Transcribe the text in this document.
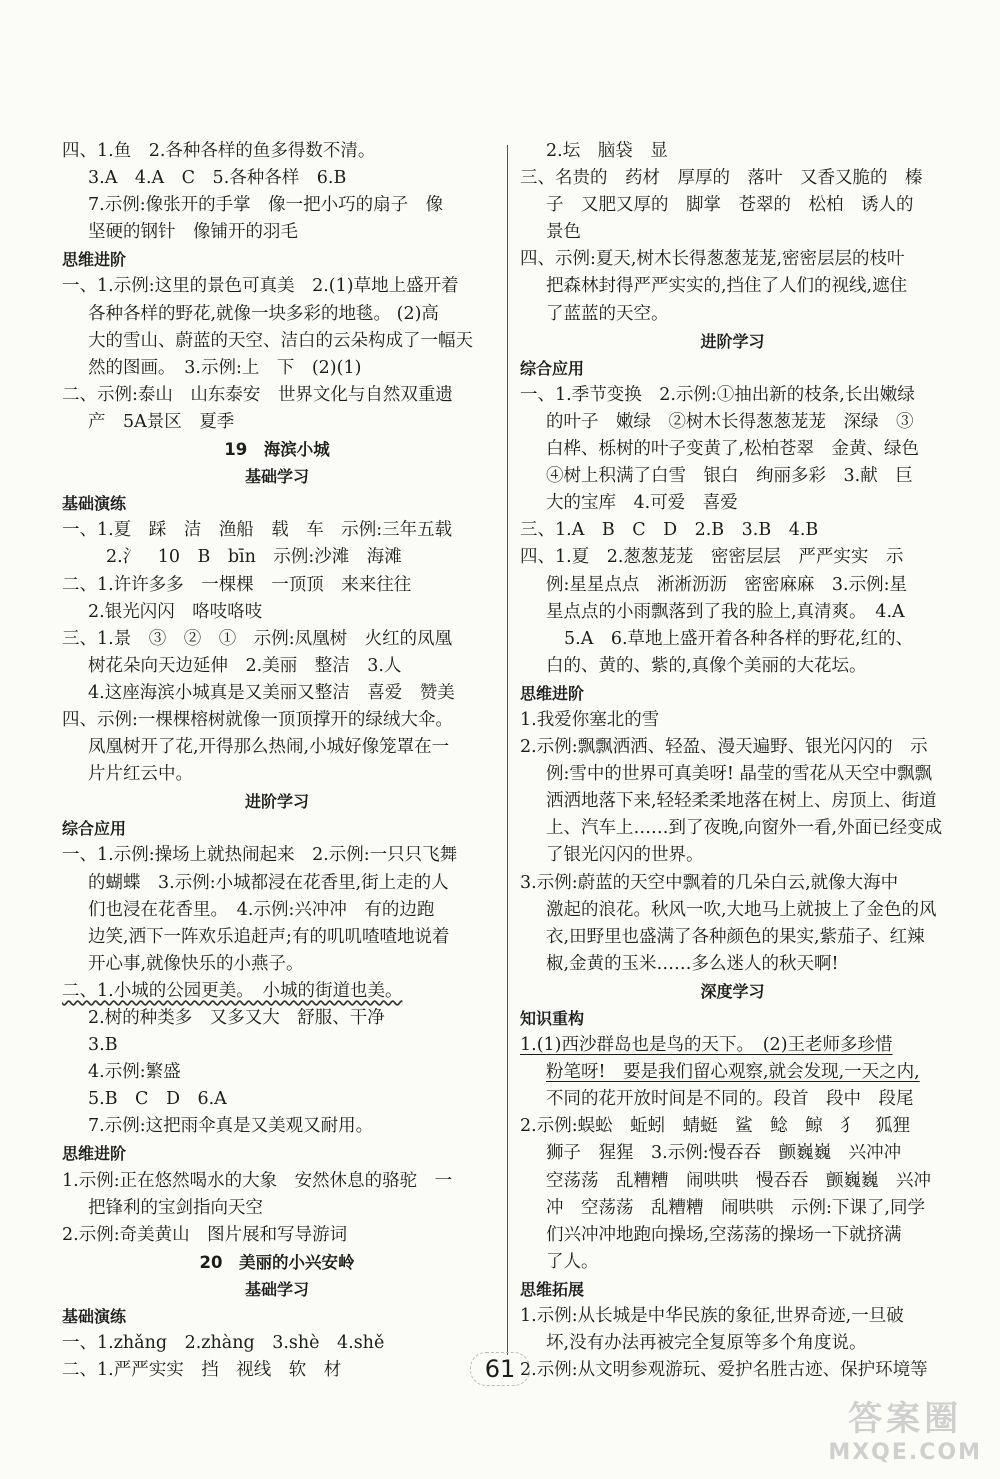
四、1.鱼　2.各种各样的鱼多得数不清。
3.A　4.A　C　5.各种各样　6.B
7.示例:像张开的手掌　像一把小巧的扇子　像
坚硬的钢针　像铺开的羽毛
思维进阶
一、1.示例:这里的景色可真美　2.(1)草地上盛开着
各种各样的野花,就像一块多彩的地毯。 (2)高
大的雪山、蔚蓝的天空、洁白的云朵构成了一幅天
然的图画。　3.示例:上　下　(2)(1)
二、示例:泰山　山东泰安　世界文化与自然双重遗
产　5A景区　夏季
19　海滨小城
基础学习
基础演练
一、1.夏　踩　洁　渔船　载　车　示例:三年五载
2.氵　10　B　bīn　示例:沙滩　海滩
二、1.许许多多　一棵棵　一顶顶　来来往往
2.银光闪闪　咯吱咯吱
三、1.景　③　②　①　示例:凤凰树　火红的凤凰
树花朵向天边延伸　2.美丽　整洁　3.人
4.这座海滨小城真是又美丽又整洁　喜爱　赞美
四、示例:一棵棵榕树就像一顶顶撑开的绿绒大伞。
凤凰树开了花,开得那么热闹,小城好像笼罩在一
片片红云中。
进阶学习
综合应用
一、1.示例:操场上就热闹起来　2.示例:一只只飞舞
的蝴蝶　3.示例:小城都浸在花香里,街上走的人
们也浸在花香里。　4.示例:兴冲冲　有的边跑
边笑,洒下一阵欢乐追赶声;有的叽叽喳喳地说着
开心事,就像快乐的小燕子。
二、1.小城的公园更美。　小城的街道也美。
2.树的种类多　又多又大　舒服、干净
3.B
4.示例:繁盛
5.B　C　D　6.A
7.示例:这把雨伞真是又美观又耐用。
思维进阶
1.示例:正在悠然喝水的大象　安然休息的骆驼　一
把锋利的宝剑指向天空
2.示例:奇美黄山　图片展和写导游词
20　美丽的小兴安岭
基础学习
基础演练
一、1.zhǎng　2.zhàng　3.shè　4.shě
二、1.严严实实　挡　视线　软　材
2.坛　脑袋　显
三、名贵的　药材　厚厚的　落叶　又香又脆的　榛
子　又肥又厚的　脚掌　苍翠的　松柏　诱人的
景色
四、示例:夏天,树木长得葱葱茏茏,密密层层的枝叶
把森林封得严严实实的,挡住了人们的视线,遮住
了蓝蓝的天空。
进阶学习
综合应用
一、1.季节变换　2.示例:①抽出新的枝条,长出嫩绿
的叶子　嫩绿　②树木长得葱葱茏茏　深绿　③
白桦、栎树的叶子变黄了,松柏苍翠　金黄、绿色
④树上积满了白雪　银白　绚丽多彩　3.献　巨
大的宝库　4.可爱　喜爱
三、1.A　B　C　D　2.B　3.B　4.B
四、1.夏　2.葱葱茏茏　密密层层　严严实实　示
例:星星点点　淅淅沥沥　密密麻麻　3.示例:星
星点点的小雨飘落到了我的脸上,真清爽。　4.A
5.A　6.草地上盛开着各种各样的野花,红的、
白的、黄的、紫的,真像个美丽的大花坛。
思维进阶
1.我爱你塞北的雪
2.示例:飘飘洒洒、轻盈、漫天遍野、银光闪闪的　示
例:雪中的世界可真美呀! 晶莹的雪花从天空中飘飘
洒洒地落下来,轻轻柔柔地落在树上、房顶上、街道
上、汽车上……到了夜晚,向窗外一看,外面已经变成
了银光闪闪的世界。
3.示例:蔚蓝的天空中飘着的几朵白云,就像大海中
激起的浪花。秋风一吹,大地马上就披上了金色的风
衣,田野里也盛满了各种颜色的果实,紫茄子、红辣
椒,金黄的玉米……多么迷人的秋天啊!
深度学习
知识重构
1.(1)西沙群岛也是鸟的天下。　(2)王老师多珍惜
粉笔呀!　要是我们留心观察,就会发现,一天之内,
不同的花开放时间是不同的。段首　段中　段尾
2.示例:蜈蚣　蚯蚓　蜻蜓　鲨　鲶　鲸　犭　狐狸
狮子　猩猩　3.示例:慢吞吞　颤巍巍　兴冲冲
空荡荡　乱糟糟　闹哄哄　慢吞吞　颤巍巍　兴冲
冲　空荡荡　乱糟糟　闹哄哄　示例:下课了,同学
们兴冲冲地跑向操场,空荡荡的操场一下就挤满
了人。
思维拓展
1.示例:从长城是中华民族的象征,世界奇迹,一旦破
坏,没有办法再被完全复原等多个角度说。
2.示例:从文明参观游玩、爱护名胜古迹、保护环境等
61
答案圈
MXQE.COM
